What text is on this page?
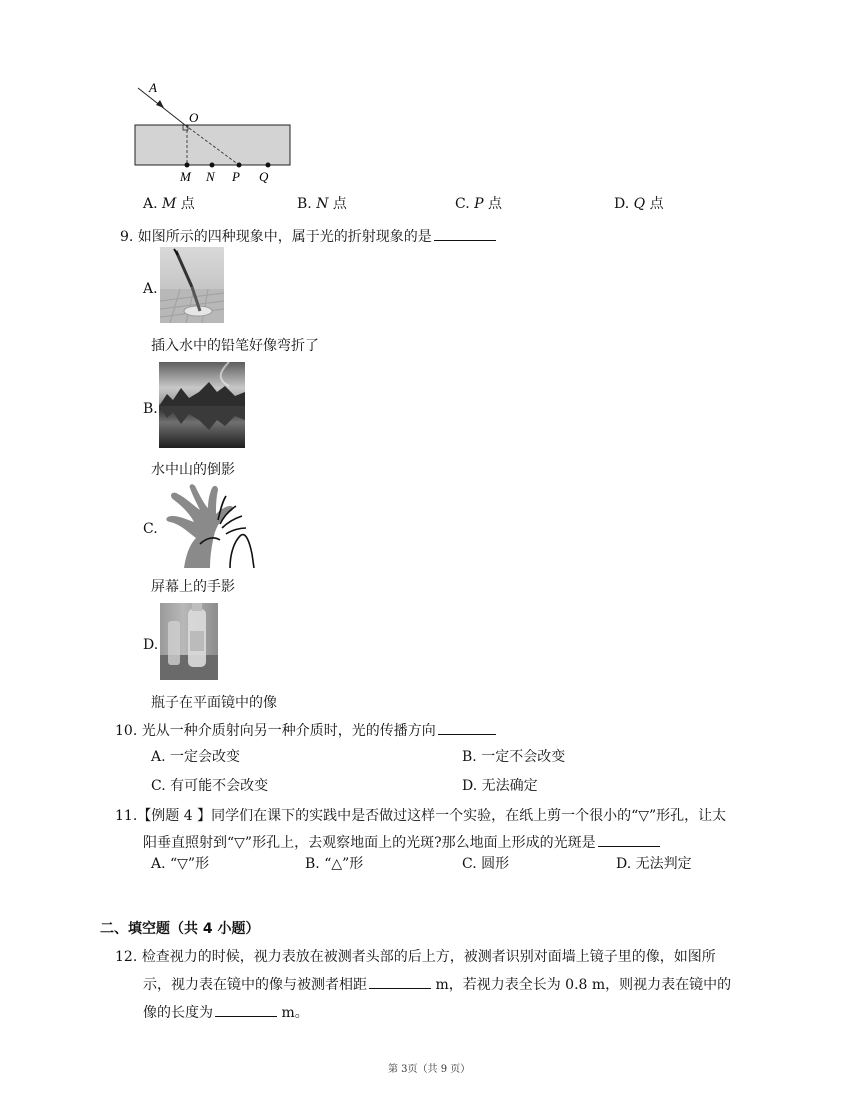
A
O
M N P Q
A. M 点	B. N 点	C. P 点	D. Q 点
9. 如图所示的四种现象中，属于光的折射现象的是
A.
插入水中的铅笔好像弯折了
B.
水中山的倒影
C.
屏幕上的手影
D.
瓶子在平面镜中的像
10. 光从一种介质射向另一种介质时，光的传播方向
A. 一定会改变	B. 一定不会改变
C. 有可能不会改变	D. 无法确定
11.【例题 4 】同学们在课下的实践中是否做过这样一个实验，在纸上剪一个很小的“▽”形孔，让太
阳垂直照射到“▽”形孔上，去观察地面上的光斑?那么地面上形成的光斑是
A. “▽”形	B. “△”形	C. 圆形	D. 无法判定
二、填空题（共 4 小题）
12. 检查视力的时候，视力表放在被测者头部的后上方，被测者识别对面墙上镜子里的像，如图所
示，视力表在镜中的像与被测者相距	m，若视力表全长为 0.8 m，则视力表在镜中的
像的长度为	m。
第 3页（共 9 页）
